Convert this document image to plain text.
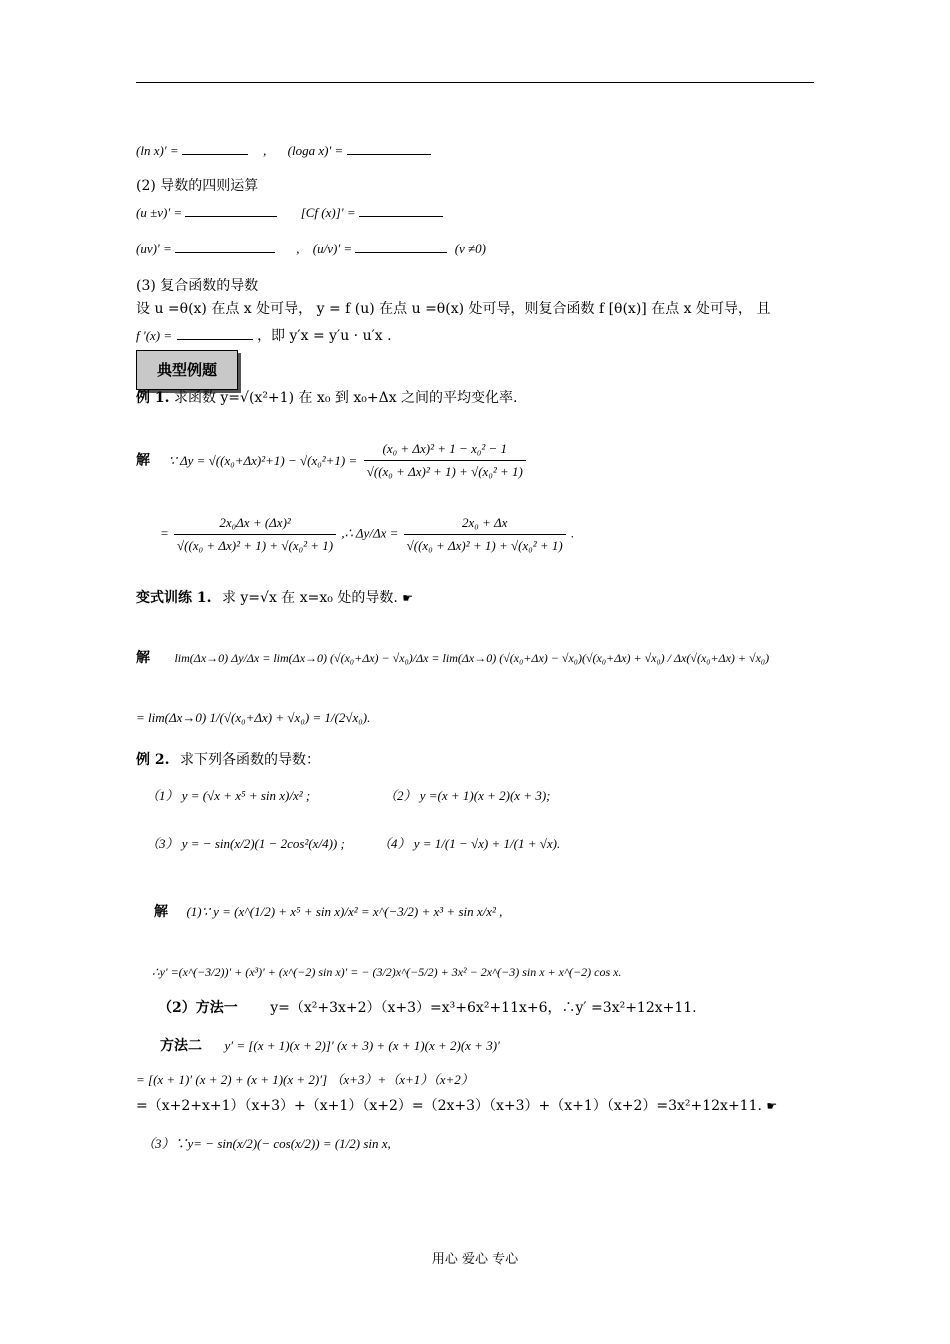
(ln x)′ =	, (loga x)′ =
(2) 导数的四则运算
(u ±v)′ =	[Cf (x)]′ =
(uv)′ =	, (u/v)′ =	(v ≠0)
(3) 复合函数的导数
设 u =θ(x) 在点 x 处可导， y = f (u) 在点 u =θ(x) 处可导，则复合函数 f [θ(x)] 在点 x 处可导， 且
f ′(x) =	，即 y′x = y′u · u′x .
典型例题
例 1. 求函数 y=√(x²+1) 在 x₀ 到 x₀+Δx 之间的平均变化率.
解 ∵ $\Delta y = √((x_0+\Delta x)^2+1) - √(x_0^2+1) = \frac{\text{(x₀ + Δx)² + 1 − x₀² − 1}}{\text{√((x₀ + Δx)² + 1) + √(x₀² + 1)}}$
= $\frac{\text{2x₀Δx + (Δx)²}}{\text{√((x₀ + Δx)² + 1) + √(x₀² + 1)}}$ ,∴ $\Delta y/\Delta x = \frac{\text{2x₀ + Δx}}{\text{√((x₀ + Δx)² + 1) + √(x₀² + 1)}}$ .
变式训练 1. 求 y=√x 在 x=x₀ 处的导数. ☛
解 lim(Δx→0) Δy/Δx = lim(Δx→0) (√(x₀+Δx) − √x₀)/Δx = lim(Δx→0) (√(x₀+Δx) − √x₀)(√(x₀+Δx) + √x₀) / Δx(√(x₀+Δx) + √x₀)
= lim(Δx→0) 1/(√(x₀+Δx) + √x₀) = 1/(2√x₀).
例 2. 求下列各函数的导数：
（1） y = (√x + x⁵ + sin x)/x² ;	（2） y =(x + 1)(x + 2)(x + 3);
（3） y = − sin(x/2)(1 − 2cos²(x/4)) ;	（4） y = 1/(1 − √x) + 1/(1 + √x).
解 (1)∵ y = (x^(1/2) + x⁵ + sin x)/x² = x^(−3/2) + x³ + sin x/x² ,
∴y′ =(x^(−3/2))′ + (x³)′ + (x^(−2) sin x)′ = − (3/2)x^(−5/2) + 3x² − 2x^(−3) sin x + x^(−2) cos x.
（2）方法一 y=（x²+3x+2）（x+3）=x³+6x²+11x+6，∴y′ =3x²+12x+11.
方法二 y′ = [(x + 1)(x + 2)]′ (x + 3) + (x + 1)(x + 2)(x + 3)′
= [(x + 1)′ (x + 2) + (x + 1)(x + 2)′] （x+3）+（x+1）（x+2）
=（x+2+x+1）（x+3）+（x+1）（x+2）=（2x+3）（x+3）+（x+1）（x+2）=3x²+12x+11. ☛
（3）∵y= − sin(x/2)(− cos(x/2)) = (1/2) sin x,
用心 爱心 专心
